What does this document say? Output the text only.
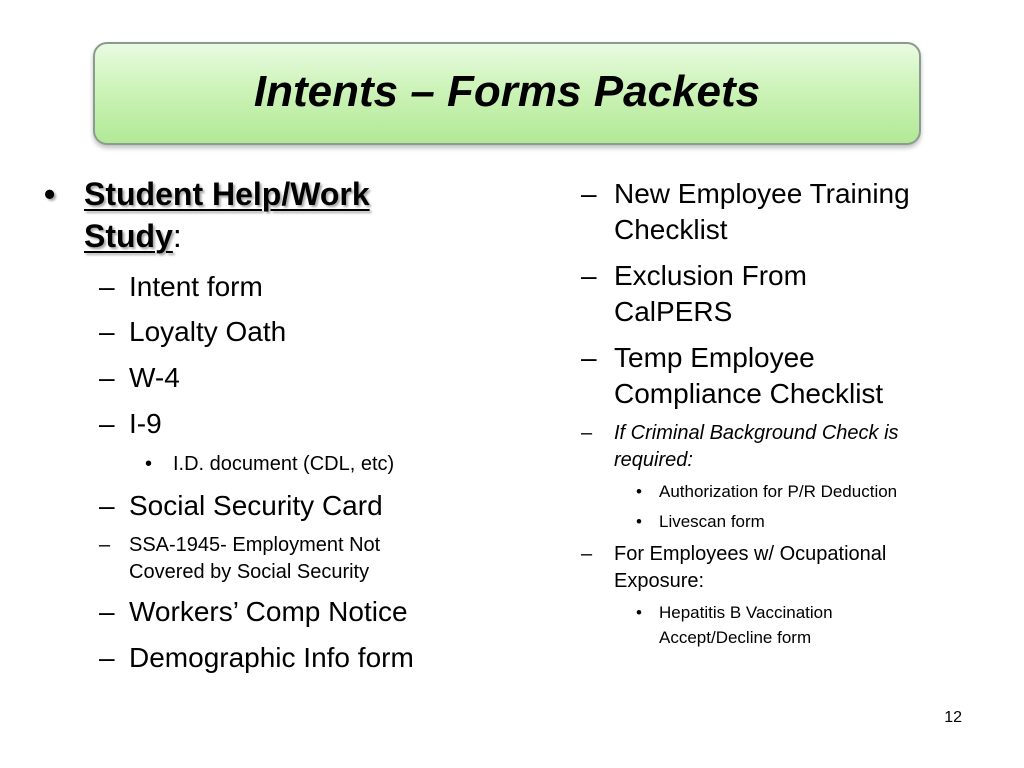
Intents – Forms Packets
• Student Help/Work
Study:
– Intent form
– Loyalty Oath
– W-4
– I-9
• I.D. document (CDL, etc)
– Social Security Card
– SSA-1945- Employment Not
Covered by Social Security
– Workers’ Comp Notice
– Demographic Info form
– New Employee Training
Checklist
– Exclusion From
CalPERS
– Temp Employee
Compliance Checklist
– If Criminal Background Check is
required:
• Authorization for P/R Deduction
• Livescan form
– For Employees w/ Ocupational
Exposure:
• Hepatitis B Vaccination
Accept/Decline form
12
